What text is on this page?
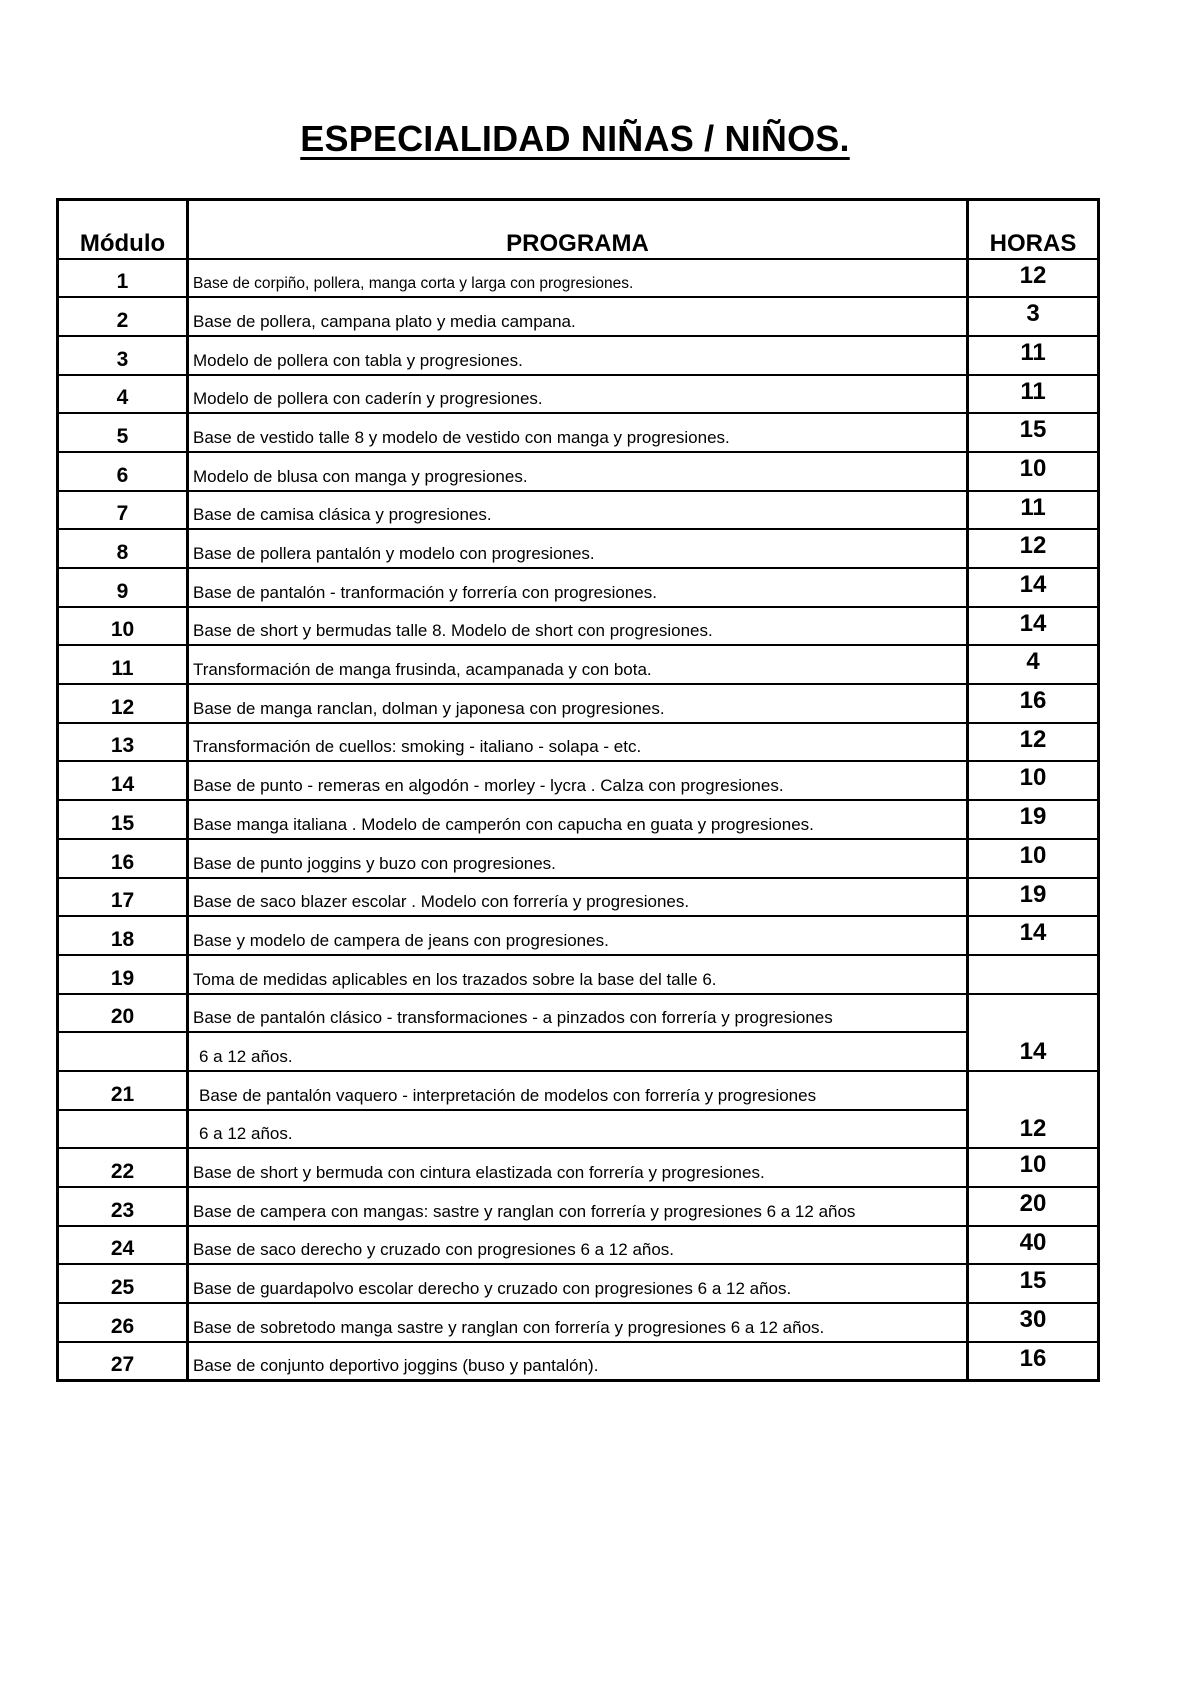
ESPECIALIDAD NIÑAS / NIÑOS.
Módulo	PROGRAMA	HORAS
1	Base de corpiño, pollera, manga corta y larga con progresiones.	12
2	Base de pollera, campana plato y media campana.	3
3	Modelo de pollera con tabla y progresiones.	11
4	Modelo de pollera con caderín y progresiones.	11
5	Base de vestido talle 8 y modelo de vestido con manga y progresiones.	15
6	Modelo de blusa con manga y progresiones.	10
7	Base de camisa clásica y progresiones.	11
8	Base de pollera pantalón y modelo con progresiones.	12
9	Base de pantalón - tranformación y forrería con progresiones.	14
10	Base de short y bermudas talle 8. Modelo de short con progresiones.	14
11	Transformación de manga frusinda, acampanada y con bota.	4
12	Base de manga ranclan, dolman y japonesa con progresiones.	16
13	Transformación de cuellos: smoking - italiano - solapa - etc.	12
14	Base de punto - remeras en algodón - morley - lycra . Calza con progresiones.	10
15	Base manga italiana . Modelo de camperón con capucha en guata y progresiones.	19
16	Base de punto joggins y buzo con progresiones.	10
17	Base de saco blazer escolar . Modelo con forrería y progresiones.	19
18	Base y modelo de campera de jeans con progresiones.	14
19	Toma de medidas aplicables en los trazados sobre la base del talle 6.	
20	Base de pantalón clásico - transformaciones - a pinzados con forrería y progresiones	14
	6 a 12 años.	
21	Base de pantalón vaquero - interpretación de modelos con forrería y progresiones	12
	6 a 12 años.	
22	Base de short y bermuda con cintura elastizada con forrería y progresiones.	10
23	Base de campera con mangas: sastre y ranglan con forrería y progresiones 6 a 12 años	20
24	Base de saco derecho y cruzado con progresiones 6 a 12 años.	40
25	Base de guardapolvo escolar derecho y cruzado con progresiones 6 a 12 años.	15
26	Base de sobretodo manga sastre y ranglan con forrería y progresiones 6 a 12 años.	30
27	Base de conjunto deportivo joggins (buso y pantalón).	16
